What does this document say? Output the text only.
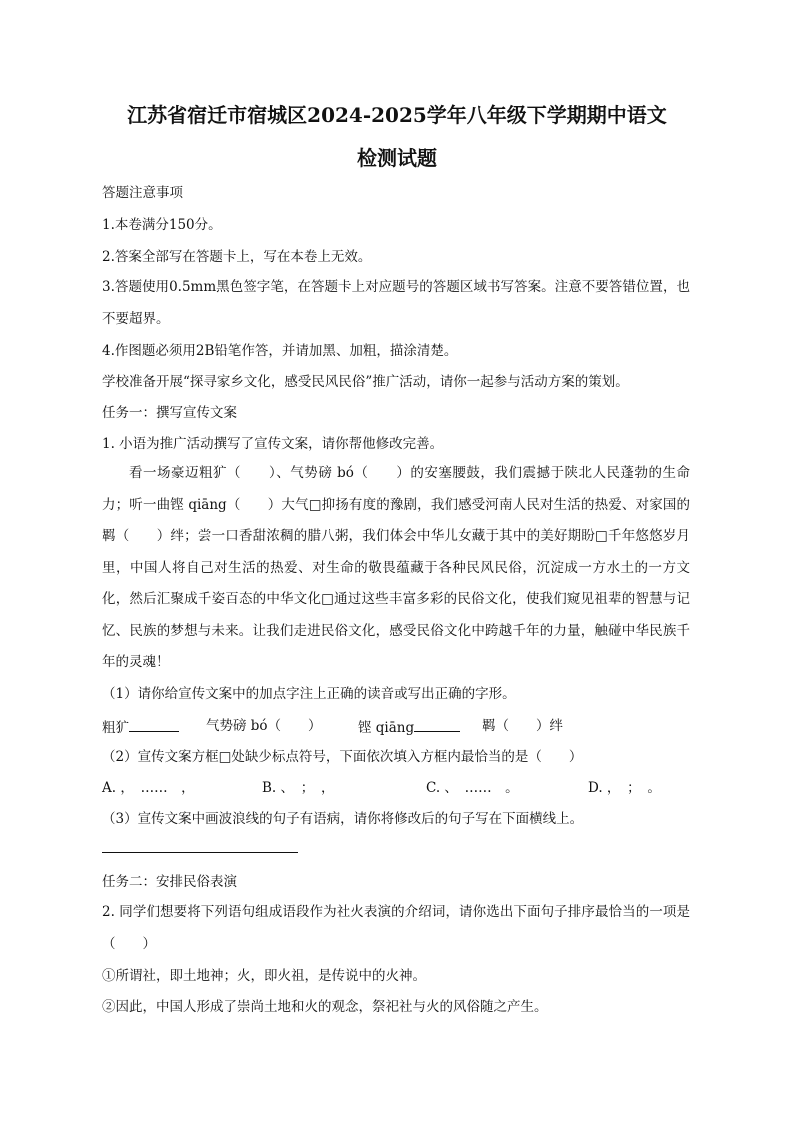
江苏省宿迁市宿城区2024-2025学年八年级下学期期中语文
检测试题
答题注意事项
1.本卷满分150分。
2.答案全部写在答题卡上，写在本卷上无效。
3.答题使用0.5mm黑色签字笔，在答题卡上对应题号的答题区域书写答案。注意不要答错位置，也不要超界。
4.作图题必须用2B铅笔作答，并请加黑、加粗，描涂清楚。
学校准备开展“探寻家乡文化，感受民风民俗”推广活动，请你一起参与活动方案的策划。
任务一：撰写宣传文案
1. 小语为推广活动撰写了宣传文案，请你帮他修改完善。
看一场豪迈粗犷（　　）、气势磅 bó（　　）的安塞腰鼓，我们震撼于陕北人民蓬勃的生命力；听一曲铿 qiāng（　　）大气□抑扬有度的豫剧，我们感受河南人民对生活的热爱、对家国的羁（　　）绊；尝一口香甜浓稠的腊八粥，我们体会中华儿女藏于其中的美好期盼□千年悠悠岁月里，中国人将自己对生活的热爱、对生命的敬畏蕴藏于各种民风民俗，沉淀成一方水土的一方文化，然后汇聚成千姿百态的中华文化□通过这些丰富多彩的民俗文化，使我们窥见祖辈的智慧与记忆、民族的梦想与未来。让我们走进民俗文化，感受民俗文化中跨越千年的力量，触碰中华民族千年的灵魂！
（1）请你给宣传文案中的加点字注上正确的读音或写出正确的字形。
粗犷	气势磅 bó（　　）	铿 qiāng	羁（　　）绊
（2）宣传文案方框□处缺少标点符号，下面依次填入方框内最恰当的是（　　）
A. ，　……　，	B. 、　；　，	C. 、　……　。	D. ，　；　。
（3）宣传文案中画波浪线的句子有语病，请你将修改后的句子写在下面横线上。
任务二：安排民俗表演
2. 同学们想要将下列语句组成语段作为社火表演的介绍词，请你选出下面句子排序最恰当的一项是（　　）
①所谓社，即土地神；火，即火祖，是传说中的火神。
②因此，中国人形成了崇尚土地和火的观念，祭祀社与火的风俗随之产生。
